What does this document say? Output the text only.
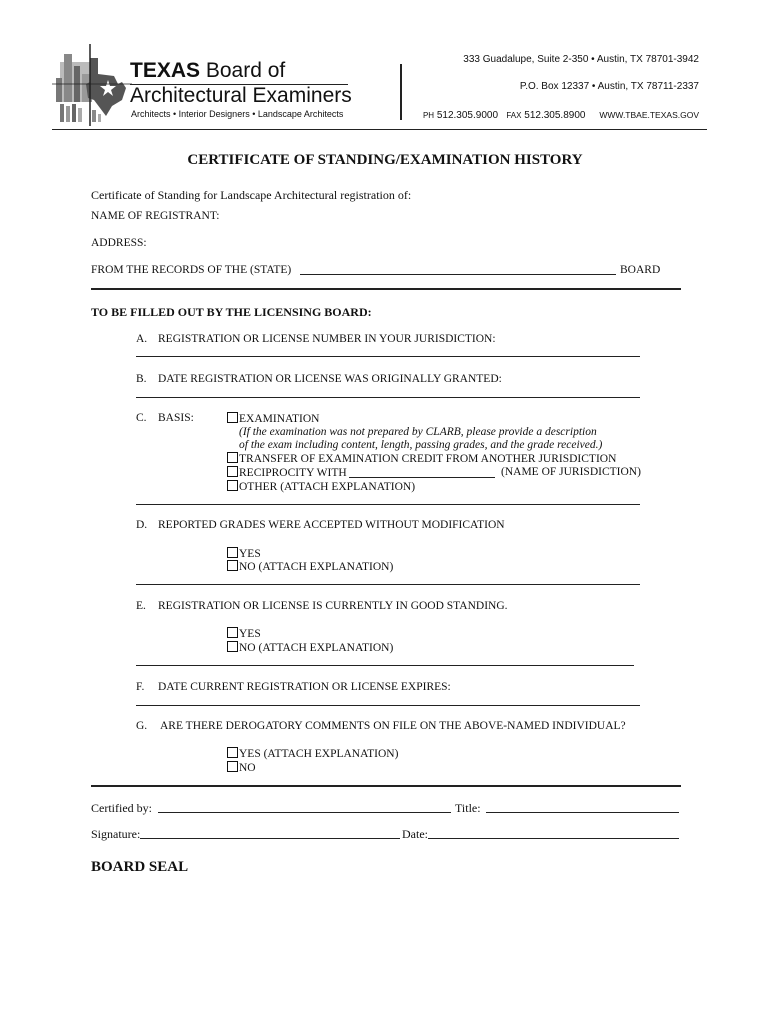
TEXAS Board of
Architectural Examiners
Architects • Interior Designers • Landscape Architects
333 Guadalupe, Suite 2-350 • Austin, TX 78701-3942
P.O. Box 12337 • Austin, TX 78711-2337
PH 512.305.9000 FAX 512.305.8900 WWW.TBAE.TEXAS.GOV
CERTIFICATE OF STANDING/EXAMINATION HISTORY
Certificate of Standing for Landscape Architectural registration of:
NAME OF REGISTRANT:
ADDRESS:
FROM THE RECORDS OF THE (STATE)	BOARD
TO BE FILLED OUT BY THE LICENSING BOARD:
A. REGISTRATION OR LICENSE NUMBER IN YOUR JURISDICTION:
B. DATE REGISTRATION OR LICENSE WAS ORIGINALLY GRANTED:
C. BASIS:	EXAMINATION
(If the examination was not prepared by CLARB, please provide a description
of the exam including content, length, passing grades, and the grade received.)
TRANSFER OF EXAMINATION CREDIT FROM ANOTHER JURISDICTION
RECIPROCITY WITH	(NAME OF JURISDICTION)
OTHER (ATTACH EXPLANATION)
D. REPORTED GRADES WERE ACCEPTED WITHOUT MODIFICATION
YES
NO (ATTACH EXPLANATION)
E. REGISTRATION OR LICENSE IS CURRENTLY IN GOOD STANDING.
YES
NO (ATTACH EXPLANATION)
F. DATE CURRENT REGISTRATION OR LICENSE EXPIRES:
G. ARE THERE DEROGATORY COMMENTS ON FILE ON THE ABOVE-NAMED INDIVIDUAL?
YES (ATTACH EXPLANATION)
NO
Certified by:	Title:
Signature:	Date:
BOARD SEAL
